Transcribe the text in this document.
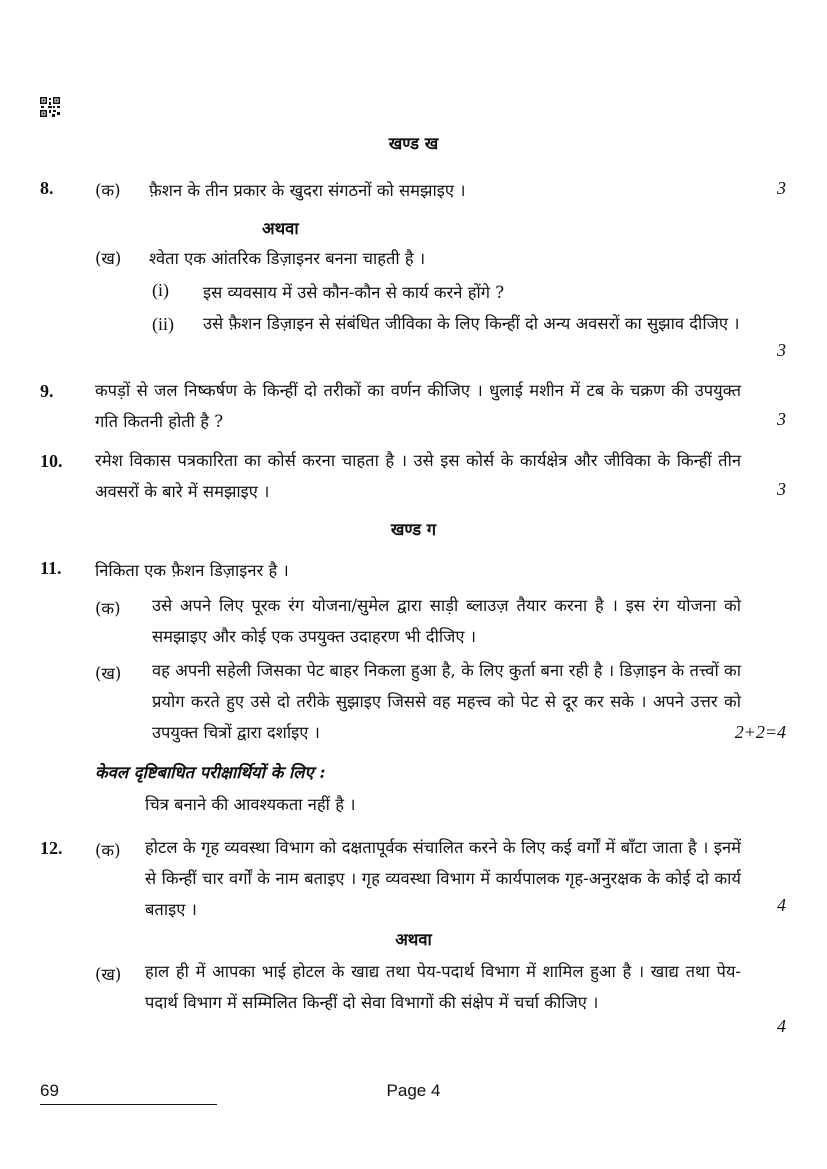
खण्ड ख
8.	(क) फ़ैशन के तीन प्रकार के खुदरा संगठनों को समझाइए ।	3
अथवा
(ख) श्वेता एक आंतरिक डिज़ाइनर बनना चाहती है ।
(i) इस व्यवसाय में उसे कौन-कौन से कार्य करने होंगे ?
(ii) उसे फ़ैशन डिज़ाइन से संबंधित जीविका के लिए किन्हीं दो अन्य अवसरों का सुझाव दीजिए ।
3
9.	कपड़ों से जल निष्कर्षण के किन्हीं दो तरीकों का वर्णन कीजिए । धुलाई मशीन में टब के चक्रण की उपयुक्त गति कितनी होती है ?	3
10. रमेश विकास पत्रकारिता का कोर्स करना चाहता है । उसे इस कोर्स के कार्यक्षेत्र और जीविका के किन्हीं तीन अवसरों के बारे में समझाइए ।	3
खण्ड ग
11. निकिता एक फ़ैशन डिज़ाइनर है ।
(क) उसे अपने लिए पूरक रंग योजना/सुमेल द्वारा साड़ी ब्लाउज़ तैयार करना है । इस रंग योजना को समझाइए और कोई एक उपयुक्त उदाहरण भी दीजिए ।
(ख) वह अपनी सहेली जिसका पेट बाहर निकला हुआ है, के लिए कुर्ता बना रही है । डिज़ाइन के तत्त्वों का प्रयोग करते हुए उसे दो तरीके सुझाइए जिससे वह महत्त्व को पेट से दूर कर सके । अपने उत्तर को उपयुक्त चित्रों द्वारा दर्शाइए ।	2+2=4
केवल दृष्टिबाधित परीक्षार्थियों के लिए :
चित्र बनाने की आवश्यकता नहीं है ।
12. (क) होटल के गृह व्यवस्था विभाग को दक्षतापूर्वक संचालित करने के लिए कई वर्गों में बाँटा जाता है । इनमें से किन्हीं चार वर्गों के नाम बताइए । गृह व्यवस्था विभाग में कार्यपालक गृह-अनुरक्षक के कोई दो कार्य बताइए ।	4
अथवा
(ख) हाल ही में आपका भाई होटल के खाद्य तथा पेय-पदार्थ विभाग में शामिल हुआ है । खाद्य तथा पेय-पदार्थ विभाग में सम्मिलित किन्हीं दो सेवा विभागों की संक्षेप में चर्चा कीजिए ।
4
69	Page 4
